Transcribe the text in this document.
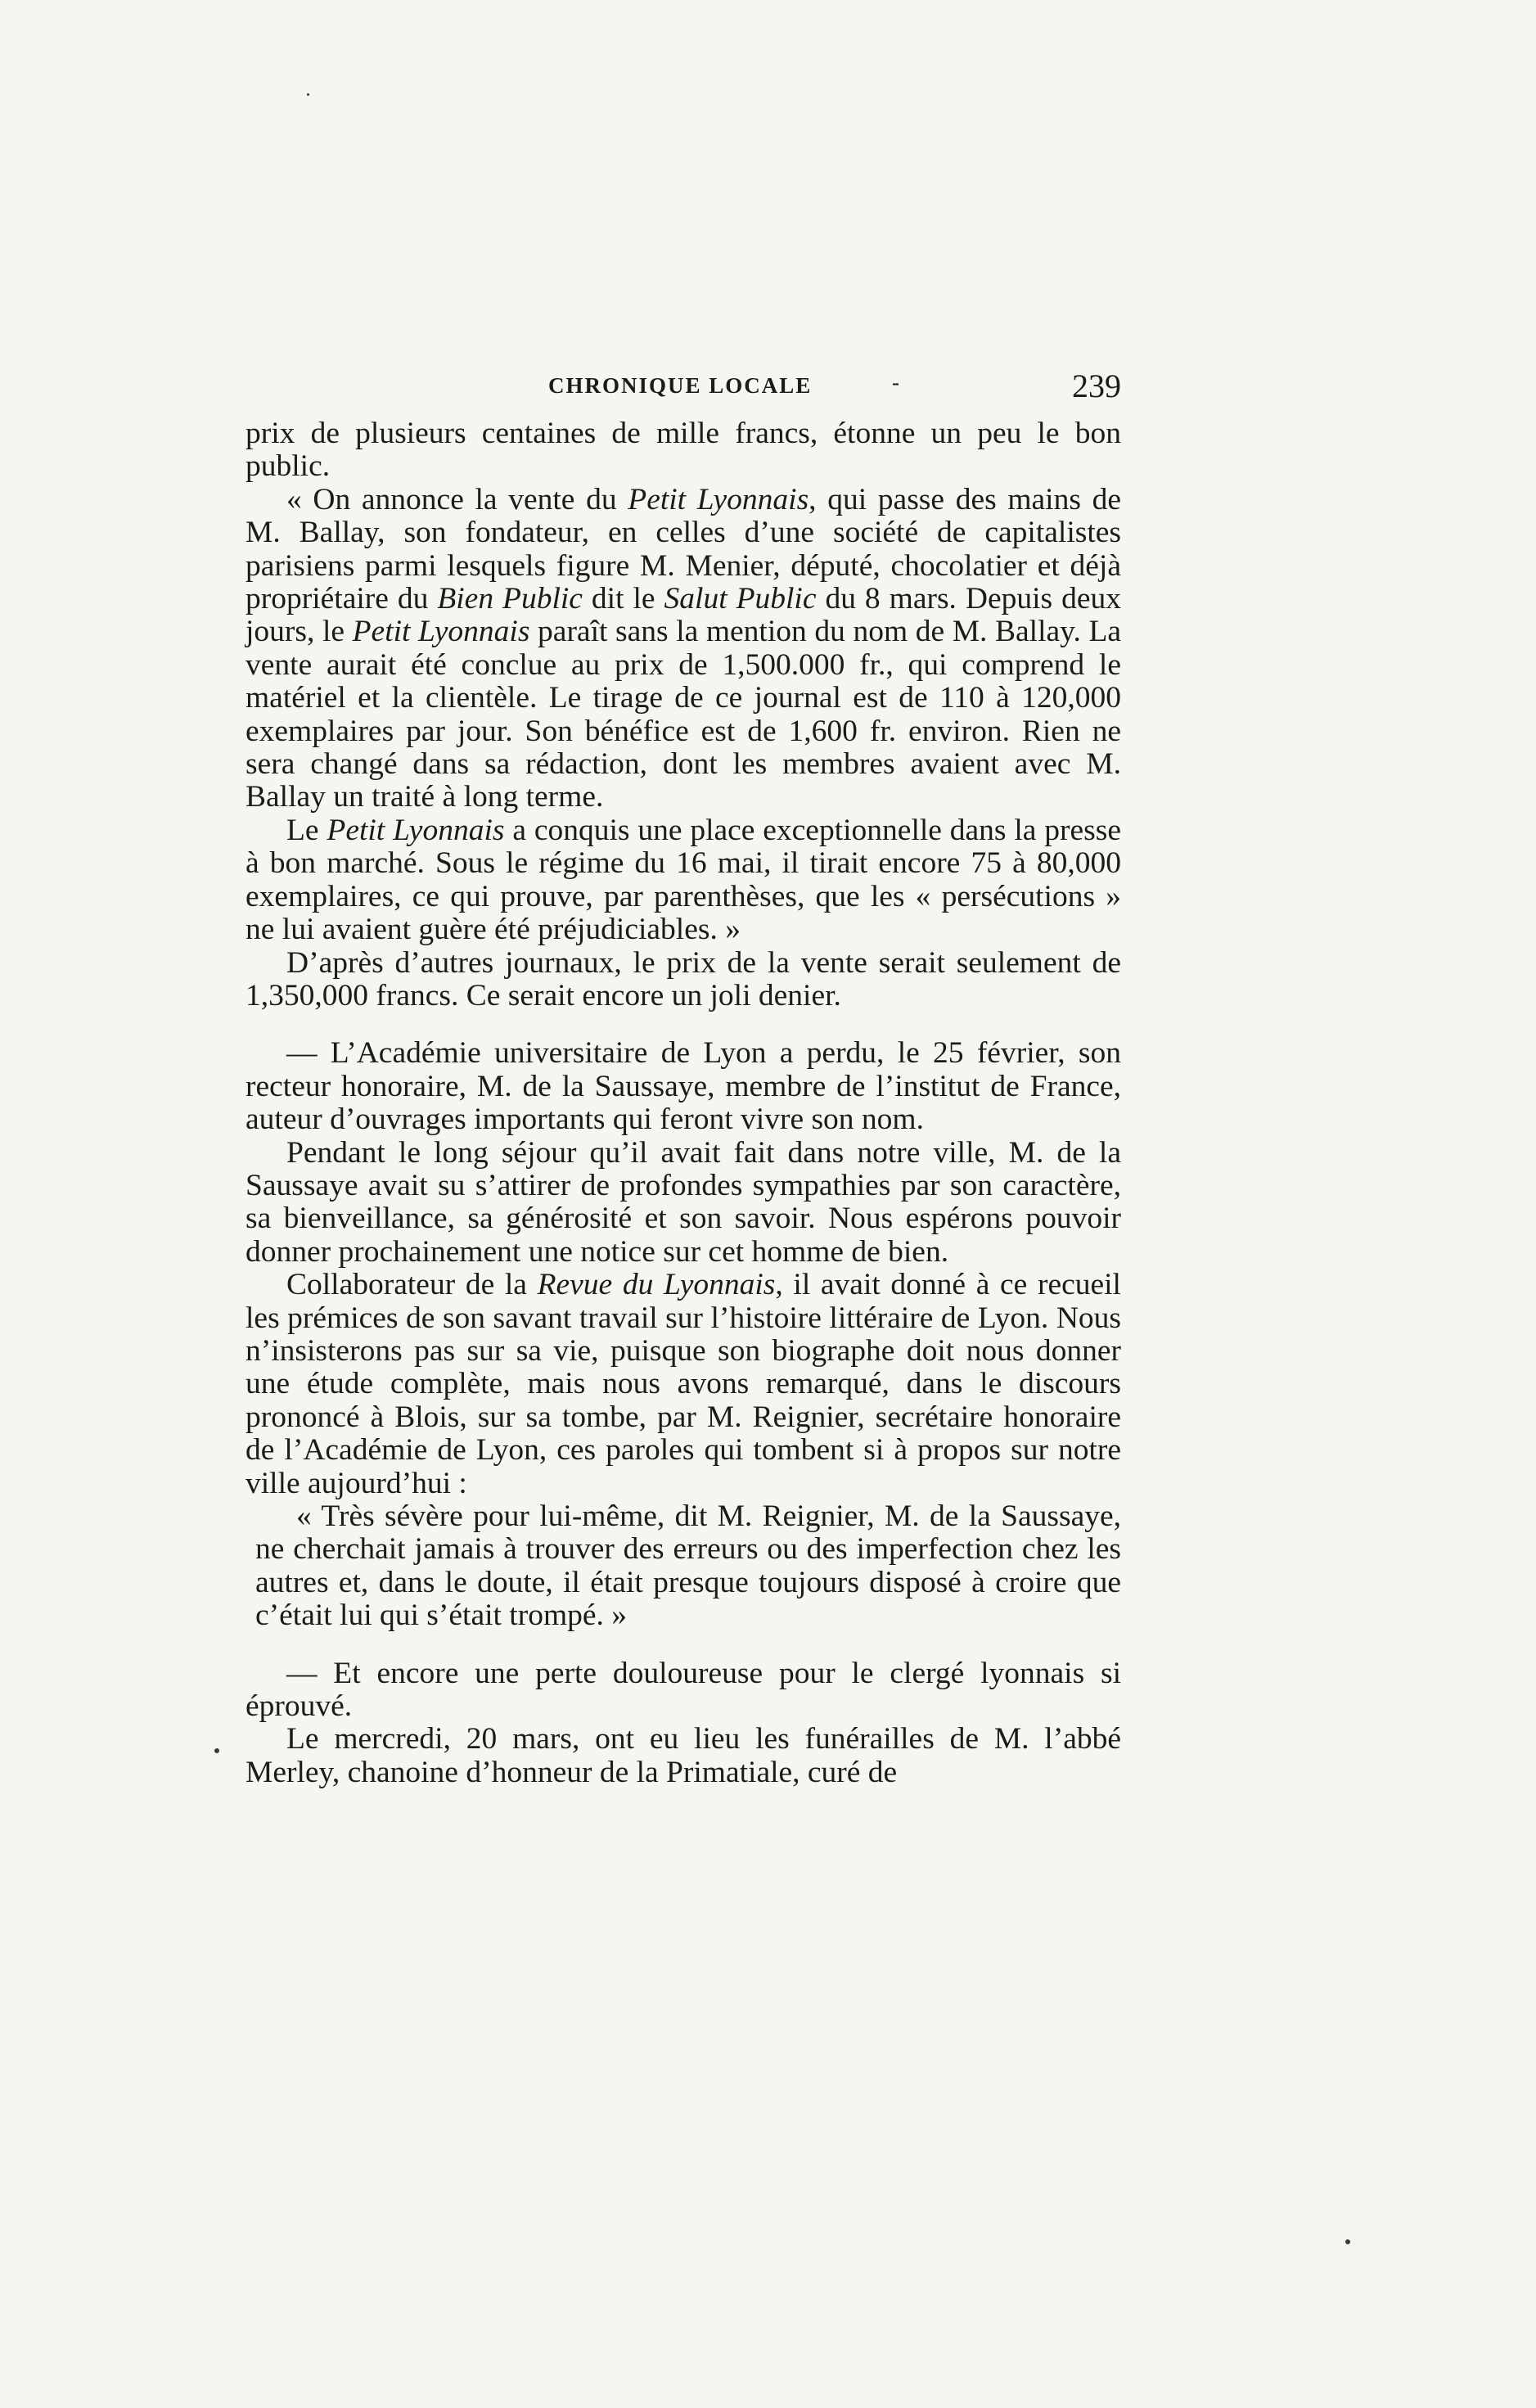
CHRONIQUE LOCALE	-	239

prix de plusieurs centaines de mille francs, étonne un peu le bon public.

« On annonce la vente du Petit Lyonnais, qui passe des mains de M. Ballay, son fondateur, en celles d’une société de capitalistes parisiens parmi lesquels figure M. Menier, député, chocolatier et déjà propriétaire du Bien Public dit le Salut Public du 8 mars. Depuis deux jours, le Petit Lyonnais paraît sans la mention du nom de M. Ballay. La vente aurait été conclue au prix de 1,500.000 fr., qui comprend le matériel et la clientèle. Le tirage de ce journal est de 110 à 120,000 exemplaires par jour. Son bénéfice est de 1,600 fr. environ. Rien ne sera changé dans sa rédaction, dont les membres avaient avec M. Ballay un traité à long terme.

Le Petit Lyonnais a conquis une place exceptionnelle dans la presse à bon marché. Sous le régime du 16 mai, il tirait encore 75 à 80,000 exemplaires, ce qui prouve, par parenthèses, que les « persécutions » ne lui avaient guère été préjudiciables. »

D’après d’autres journaux, le prix de la vente serait seulement de 1,350,000 francs. Ce serait encore un joli denier.

— L’Académie universitaire de Lyon a perdu, le 25 février, son recteur honoraire, M. de la Saussaye, membre de l’institut de France, auteur d’ouvrages importants qui feront vivre son nom.

Pendant le long séjour qu’il avait fait dans notre ville, M. de la Saussaye avait su s’attirer de profondes sympathies par son caractère, sa bienveillance, sa générosité et son savoir. Nous espérons pouvoir donner prochainement une notice sur cet homme de bien.

Collaborateur de la Revue du Lyonnais, il avait donné à ce recueil les prémices de son savant travail sur l’histoire littéraire de Lyon. Nous n’insisterons pas sur sa vie, puisque son biographe doit nous donner une étude complète, mais nous avons remarqué, dans le discours prononcé à Blois, sur sa tombe, par M. Reignier, secrétaire honoraire de l’Académie de Lyon, ces paroles qui tombent si à propos sur notre ville aujourd’hui :

« Très sévère pour lui-même, dit M. Reignier, M. de la Saussaye, ne cherchait jamais à trouver des erreurs ou des imperfection chez les autres et, dans le doute, il était presque toujours disposé à croire que c’était lui qui s’était trompé. »

— Et encore une perte douloureuse pour le clergé lyonnais si éprouvé.

Le mercredi, 20 mars, ont eu lieu les funérailles de M. l’abbé Merley, chanoine d’honneur de la Primatiale, curé de
